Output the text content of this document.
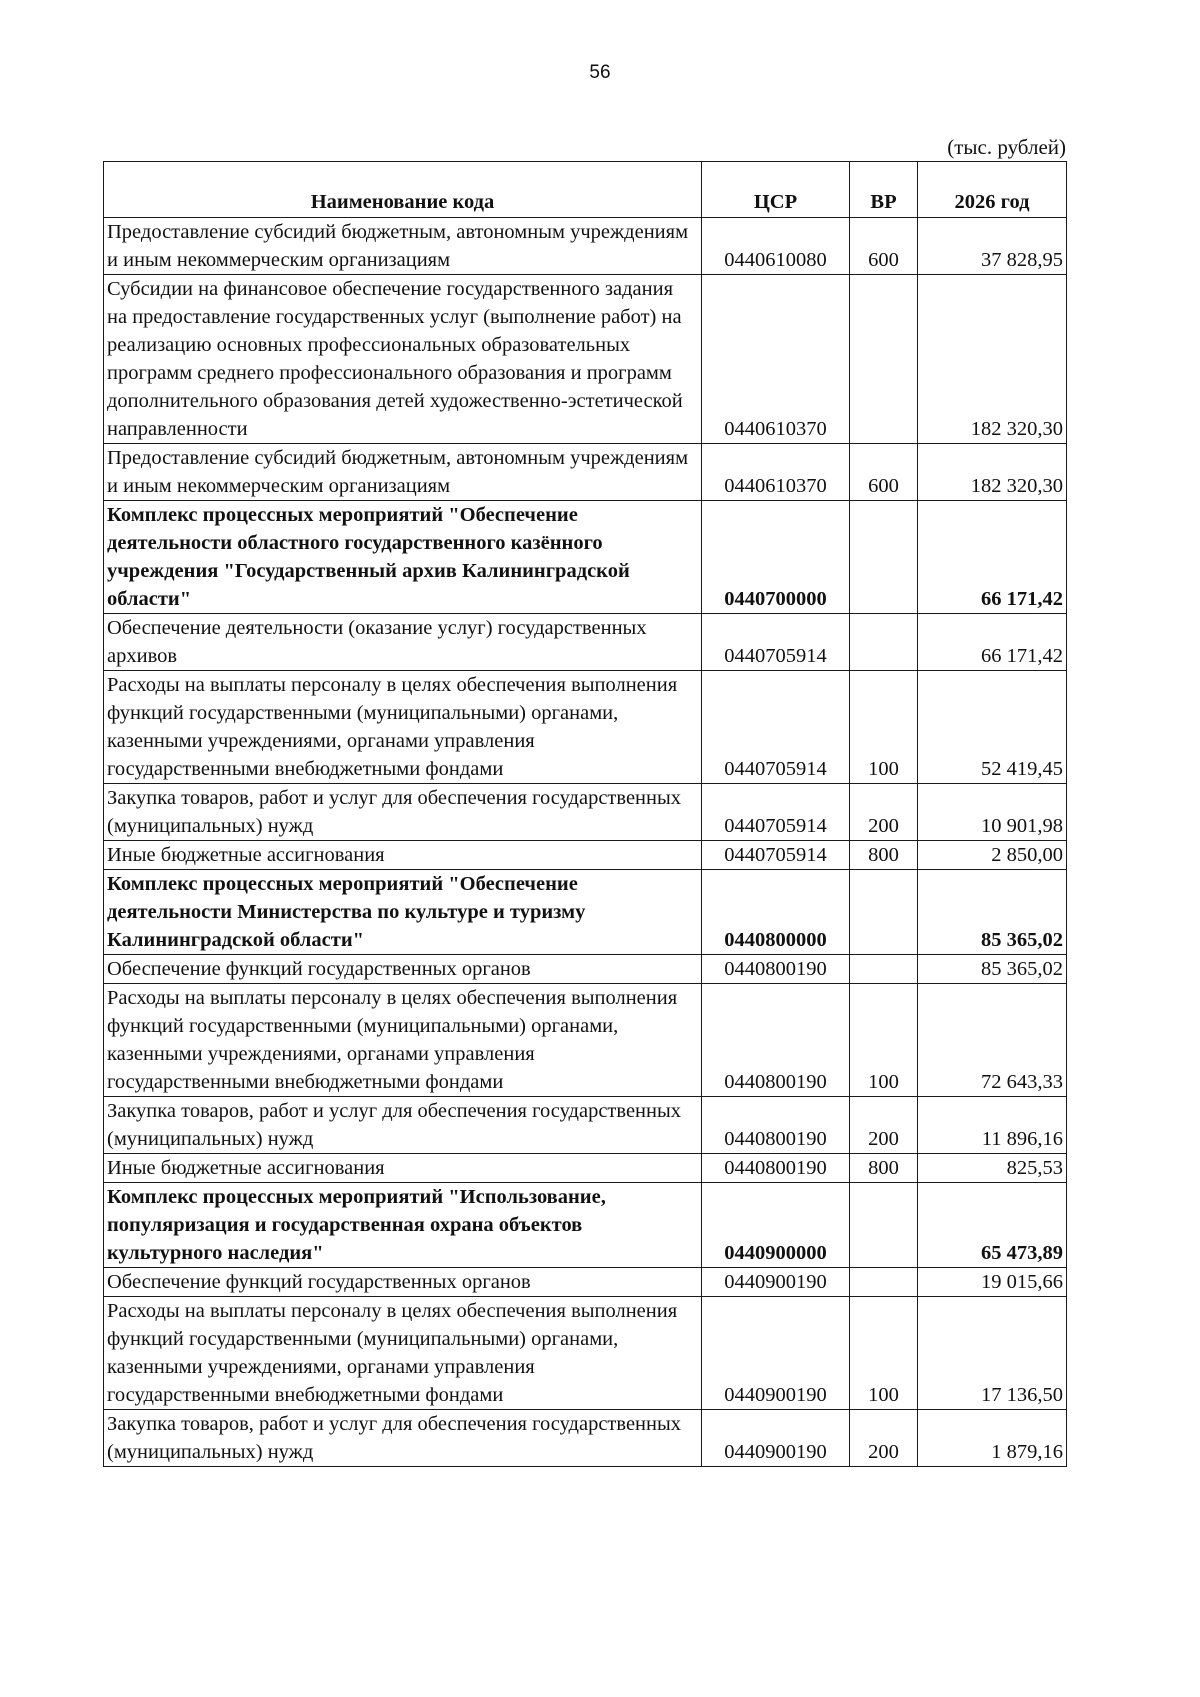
56
(тыс. рублей)
Наименование кода	ЦСР	ВР	2026 год
Предоставление субсидий бюджетным, автономным учреждениям и иным некоммерческим организациям	0440610080	600	37 828,95
Субсидии на финансовое обеспечение государственного задания на предоставление государственных услуг (выполнение работ) на реализацию основных профессиональных образовательных программ среднего профессионального образования и программ дополнительного образования детей художественно-эстетической направленности	0440610370		182 320,30
Предоставление субсидий бюджетным, автономным учреждениям и иным некоммерческим организациям	0440610370	600	182 320,30
Комплекс процессных мероприятий "Обеспечение деятельности областного государственного казённого учреждения "Государственный архив Калининградской области"	0440700000		66 171,42
Обеспечение деятельности (оказание услуг) государственных архивов	0440705914		66 171,42
Расходы на выплаты персоналу в целях обеспечения выполнения функций государственными (муниципальными) органами, казенными учреждениями, органами управления государственными внебюджетными фондами	0440705914	100	52 419,45
Закупка товаров, работ и услуг для обеспечения государственных (муниципальных) нужд	0440705914	200	10 901,98
Иные бюджетные ассигнования	0440705914	800	2 850,00
Комплекс процессных мероприятий "Обеспечение деятельности Министерства по культуре и туризму Калининградской области"	0440800000		85 365,02
Обеспечение функций государственных органов	0440800190		85 365,02
Расходы на выплаты персоналу в целях обеспечения выполнения функций государственными (муниципальными) органами, казенными учреждениями, органами управления государственными внебюджетными фондами	0440800190	100	72 643,33
Закупка товаров, работ и услуг для обеспечения государственных (муниципальных) нужд	0440800190	200	11 896,16
Иные бюджетные ассигнования	0440800190	800	825,53
Комплекс процессных мероприятий "Использование, популяризация и государственная охрана объектов культурного наследия"	0440900000		65 473,89
Обеспечение функций государственных органов	0440900190		19 015,66
Расходы на выплаты персоналу в целях обеспечения выполнения функций государственными (муниципальными) органами, казенными учреждениями, органами управления государственными внебюджетными фондами	0440900190	100	17 136,50
Закупка товаров, работ и услуг для обеспечения государственных (муниципальных) нужд	0440900190	200	1 879,16
